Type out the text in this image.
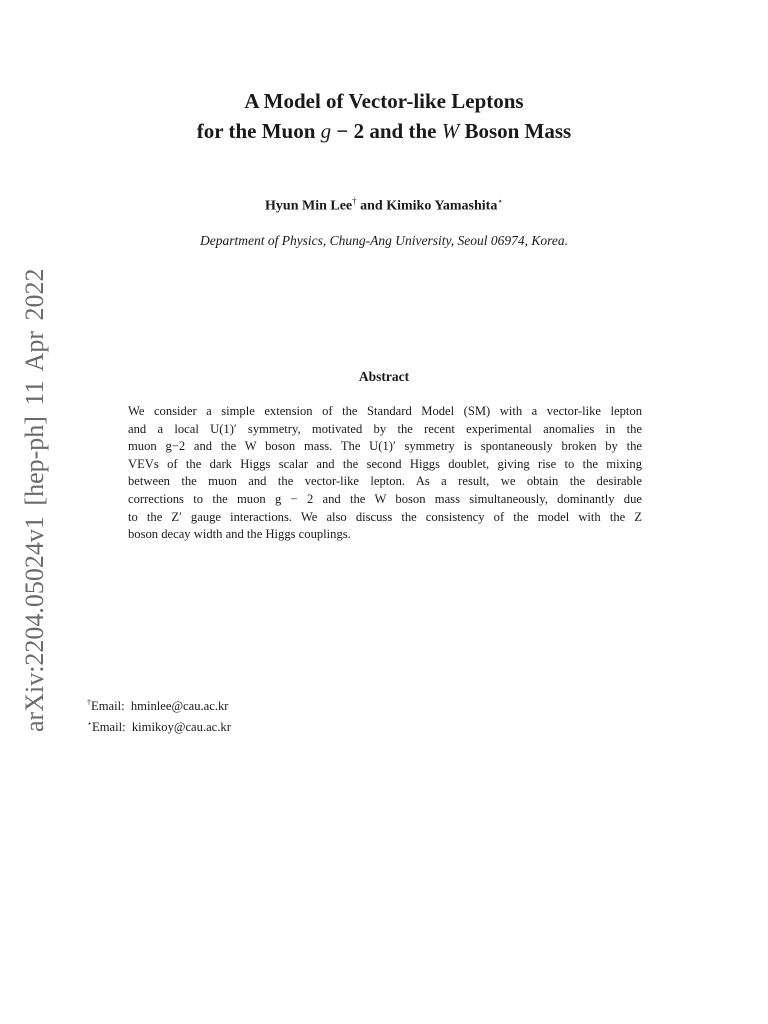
arXiv:2204.05024v1 [hep-ph] 11 Apr 2022
A Model of Vector-like Leptons
for the Muon g − 2 and the W Boson Mass
Hyun Min Lee† and Kimiko Yamashita⋆
Department of Physics, Chung-Ang University, Seoul 06974, Korea.
Abstract
We consider a simple extension of the Standard Model (SM) with a vector-like lepton
and a local U(1)′ symmetry, motivated by the recent experimental anomalies in the
muon g−2 and the W boson mass. The U(1)′ symmetry is spontaneously broken by the
VEVs of the dark Higgs scalar and the second Higgs doublet, giving rise to the mixing
between the muon and the vector-like lepton. As a result, we obtain the desirable
corrections to the muon g − 2 and the W boson mass simultaneously, dominantly due
to the Z′ gauge interactions. We also discuss the consistency of the model with the Z
boson decay width and the Higgs couplings.
†Email:  hminlee@cau.ac.kr
⋆Email:  kimikoy@cau.ac.kr
